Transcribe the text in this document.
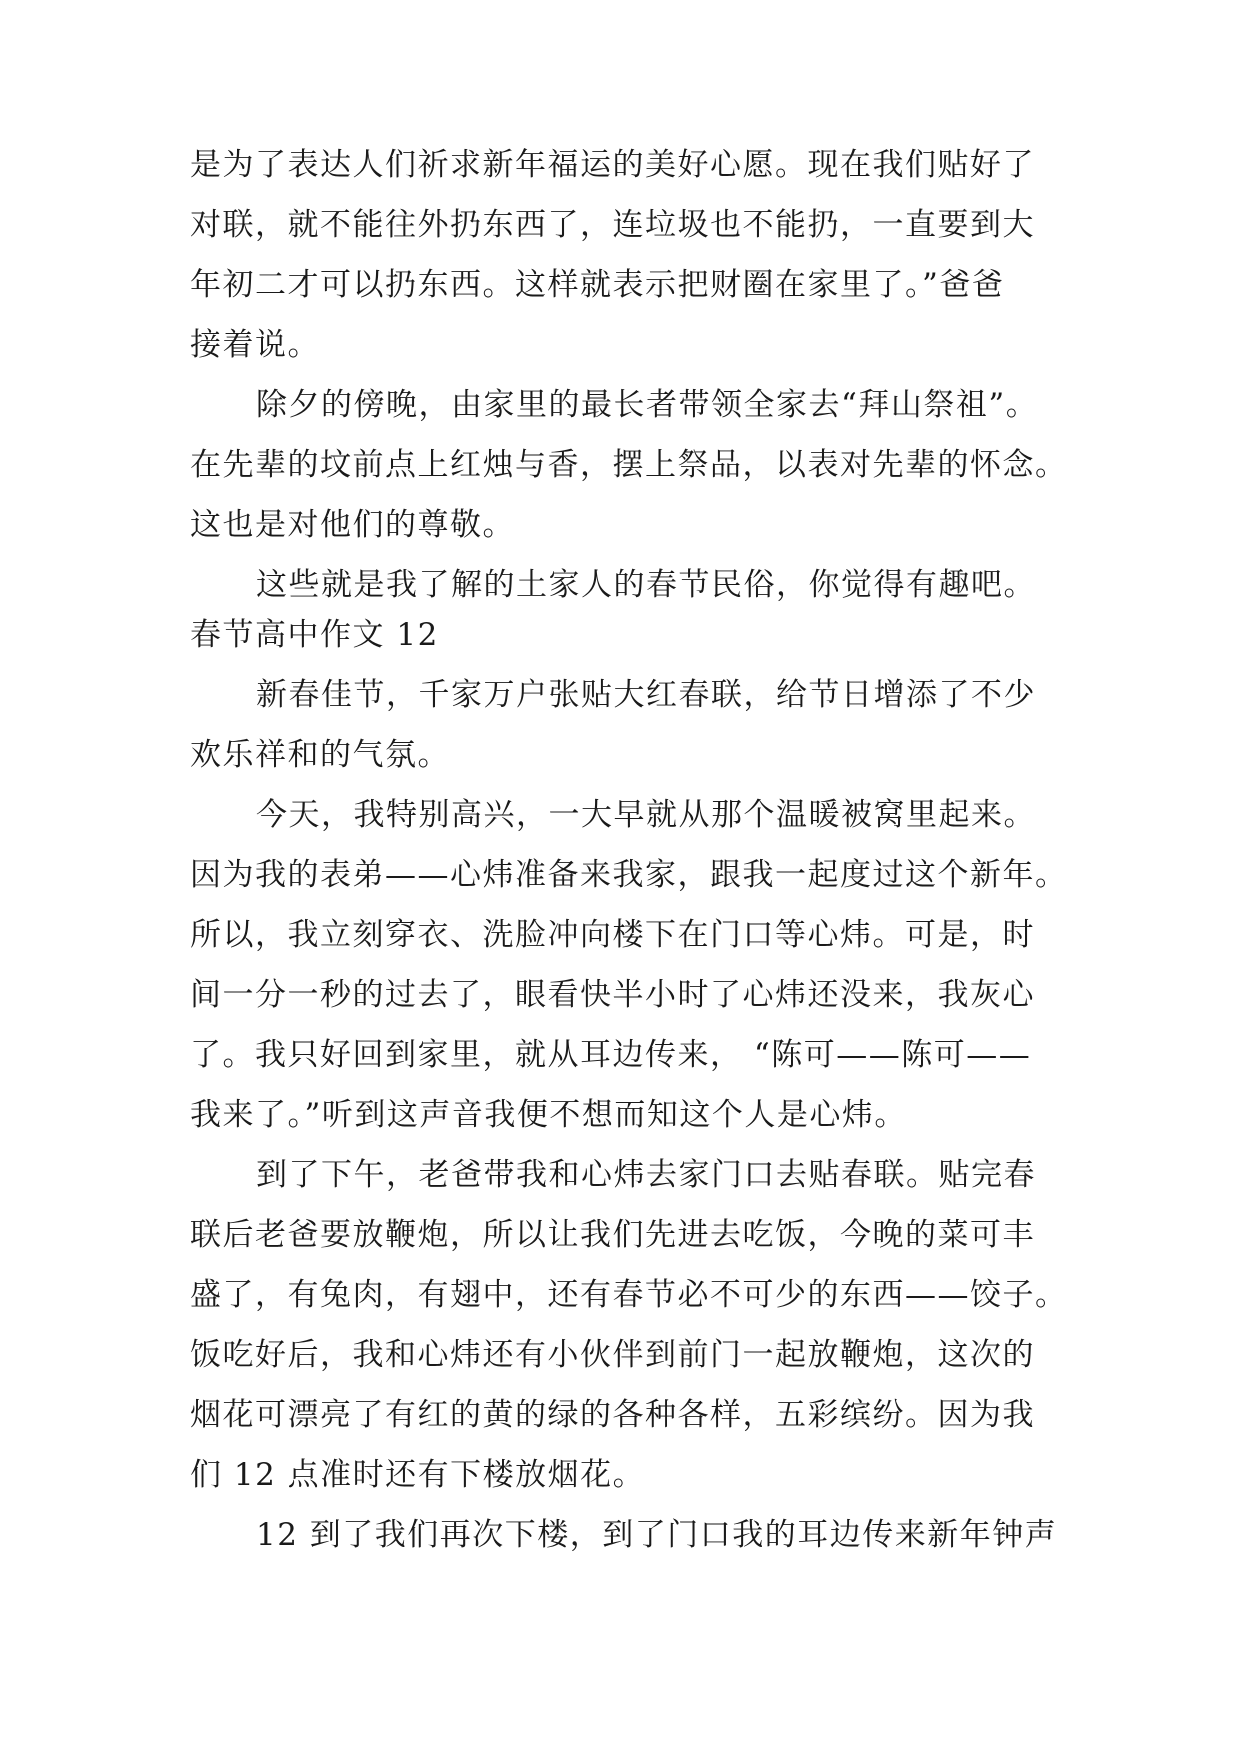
是为了表达人们祈求新年福运的美好心愿。现在我们贴好了
对联，就不能往外扔东西了，连垃圾也不能扔，一直要到大
年初二才可以扔东西。这样就表示把财圈在家里了。”爸爸
接着说。
除夕的傍晚，由家里的最长者带领全家去“拜山祭祖”。
在先辈的坟前点上红烛与香，摆上祭品，以表对先辈的怀念。
这也是对他们的尊敬。
这些就是我了解的土家人的春节民俗，你觉得有趣吧。
春节高中作文 12
新春佳节，千家万户张贴大红春联，给节日增添了不少
欢乐祥和的气氛。
今天，我特别高兴，一大早就从那个温暖被窝里起来。
因为我的表弟——心炜准备来我家，跟我一起度过这个新年。
所以，我立刻穿衣、洗脸冲向楼下在门口等心炜。可是，时
间一分一秒的过去了，眼看快半小时了心炜还没来，我灰心
了。我只好回到家里，就从耳边传来， “陈可——陈可——
我来了。”听到这声音我便不想而知这个人是心炜。
到了下午，老爸带我和心炜去家门口去贴春联。贴完春
联后老爸要放鞭炮，所以让我们先进去吃饭，今晚的菜可丰
盛了，有兔肉，有翅中，还有春节必不可少的东西——饺子。
饭吃好后，我和心炜还有小伙伴到前门一起放鞭炮，这次的
烟花可漂亮了有红的黄的绿的各种各样，五彩缤纷。因为我
们 12 点准时还有下楼放烟花。
12 到了我们再次下楼，到了门口我的耳边传来新年钟声
